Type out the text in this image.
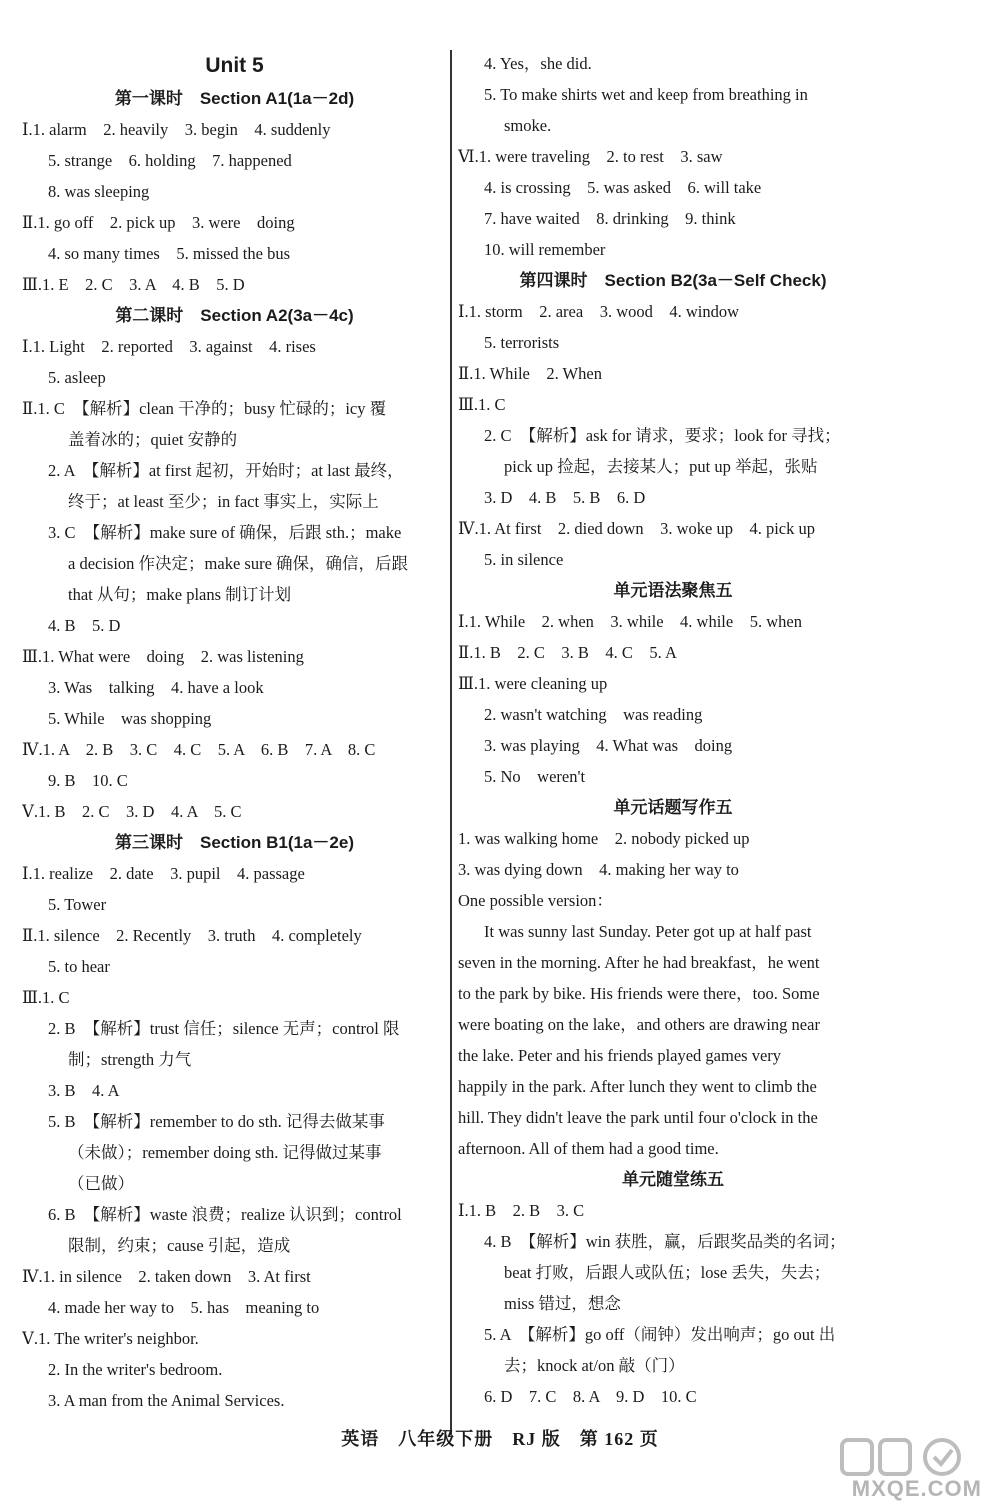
Unit 5
第一课时　Section A1(1a－2d)
Ⅰ.1. alarm　2. heavily　3. begin　4. suddenly
5. strange　6. holding　7. happened
8. was sleeping
Ⅱ.1. go off　2. pick up　3. were　doing
4. so many times　5. missed the bus
Ⅲ.1. E　2. C　3. A　4. B　5. D
第二课时　Section A2(3a－4c)
Ⅰ.1. Light　2. reported　3. against　4. rises
5. asleep
Ⅱ.1. C　【解析】clean 干净的；busy 忙碌的；icy 覆
盖着冰的；quiet 安静的
2. A　【解析】at first 起初，开始时；at last 最终，
终于；at least 至少；in fact 事实上，实际上
3. C　【解析】make sure of 确保，后跟 sth.；make
a decision 作决定；make sure 确保，确信，后跟
that 从句；make plans 制订计划
4. B　5. D
Ⅲ.1. What were　doing　2. was listening
3. Was　talking　4. have a look
5. While　was shopping
Ⅳ.1. A　2. B　3. C　4. C　5. A　6. B　7. A　8. C
9. B　10. C
Ⅴ.1. B　2. C　3. D　4. A　5. C
第三课时　Section B1(1a－2e)
Ⅰ.1. realize　2. date　3. pupil　4. passage
5. Tower
Ⅱ.1. silence　2. Recently　3. truth　4. completely
5. to hear
Ⅲ.1. C
2. B　【解析】trust 信任；silence 无声；control 限
制；strength 力气
3. B　4. A
5. B　【解析】remember to do sth. 记得去做某事
（未做）；remember doing sth. 记得做过某事
（已做）
6. B　【解析】waste 浪费；realize 认识到；control
限制，约束；cause 引起，造成
Ⅳ.1. in silence　2. taken down　3. At first
4. made her way to　5. has　meaning to
Ⅴ.1. The writer's neighbor.
2. In the writer's bedroom.
3. A man from the Animal Services.
4. Yes，she did.
5. To make shirts wet and keep from breathing in
smoke.
Ⅵ.1. were traveling　2. to rest　3. saw
4. is crossing　5. was asked　6. will take
7. have waited　8. drinking　9. think
10. will remember
第四课时　Section B2(3a－Self Check)
Ⅰ.1. storm　2. area　3. wood　4. window
5. terrorists
Ⅱ.1. While　2. When
Ⅲ.1. C
2. C　【解析】ask for 请求，要求；look for 寻找；
pick up 捡起，去接某人；put up 举起，张贴
3. D　4. B　5. B　6. D
Ⅳ.1. At first　2. died down　3. woke up　4. pick up
5. in silence
单元语法聚焦五
Ⅰ.1. While　2. when　3. while　4. while　5. when
Ⅱ.1. B　2. C　3. B　4. C　5. A
Ⅲ.1. were cleaning up
2. wasn't watching　was reading
3. was playing　4. What was　doing
5. No　weren't
单元话题写作五
1. was walking home　2. nobody picked up
3. was dying down　4. making her way to
One possible version：
It was sunny last Sunday. Peter got up at half past
seven in the morning. After he had breakfast，he went
to the park by bike. His friends were there，too. Some
were boating on the lake，and others are drawing near
the lake. Peter and his friends played games very
happily in the park. After lunch they went to climb the
hill. They didn't leave the park until four o'clock in the
afternoon. All of them had a good time.
单元随堂练五
Ⅰ.1. B　2. B　3. C
4. B　【解析】win 获胜，赢，后跟奖品类的名词；
beat 打败，后跟人或队伍；lose 丢失，失去；
miss 错过，想念
5. A　【解析】go off（闹钟）发出响声；go out 出
去；knock at/on 敲（门）
6. D　7. C　8. A　9. D　10. C
英语　八年级下册　RJ 版　第 162 页
MXQE.COM
